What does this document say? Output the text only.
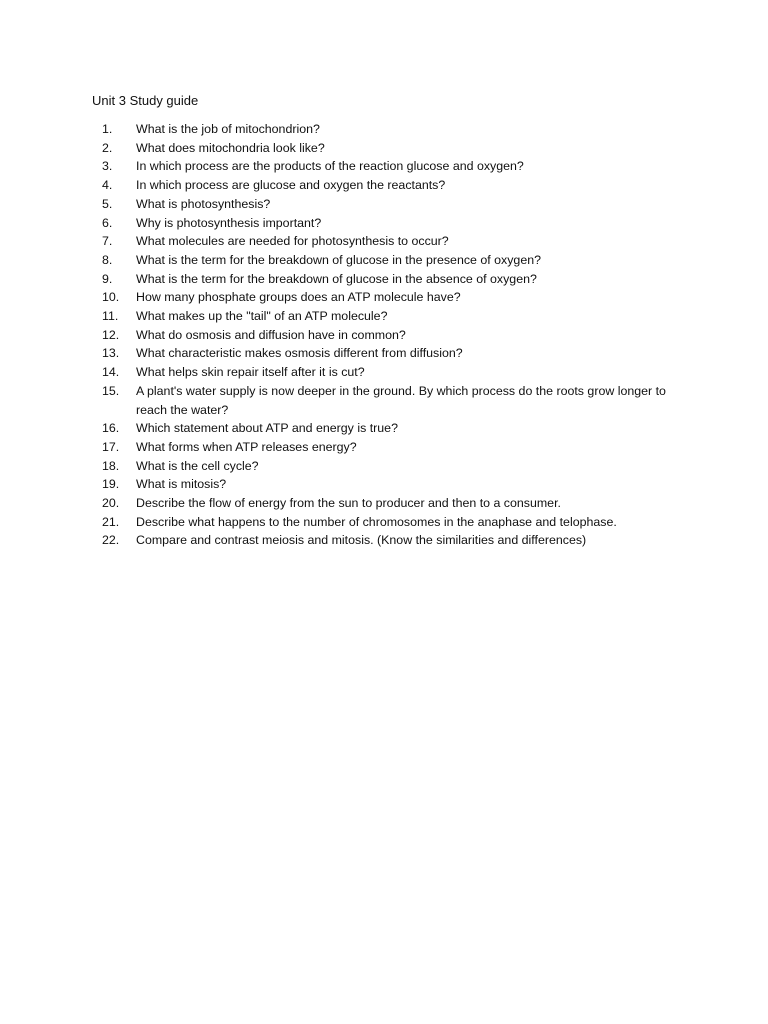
Unit 3 Study guide
1.	What is the job of mitochondrion?
2.	What does mitochondria look like?
3.	In which process are the products of the reaction glucose and oxygen?
4.	In which process are glucose and oxygen the reactants?
5.	What is photosynthesis?
6.	Why is photosynthesis important?
7.	What molecules are needed for photosynthesis to occur?
8.	What is the term for the breakdown of glucose in the presence of oxygen?
9.	What is the term for the breakdown of glucose in the absence of oxygen?
10.	How many phosphate groups does an ATP molecule have?
11.	What makes up the "tail" of an ATP molecule?
12.	What do osmosis and diffusion have in common?
13.	What characteristic makes osmosis different from diffusion?
14.	What helps skin repair itself after it is cut?
15.	A plant's water supply is now deeper in the ground. By which process do the roots grow longer to reach the water?
16.	Which statement about ATP and energy is true?
17.	What forms when ATP releases energy?
18.	What is the cell cycle?
19.	What is mitosis?
20.	Describe the flow of energy from the sun to producer and then to a consumer.
21.	Describe what happens to the number of chromosomes in the anaphase and telophase.
22.	Compare and contrast meiosis and mitosis. (Know the similarities and differences)
